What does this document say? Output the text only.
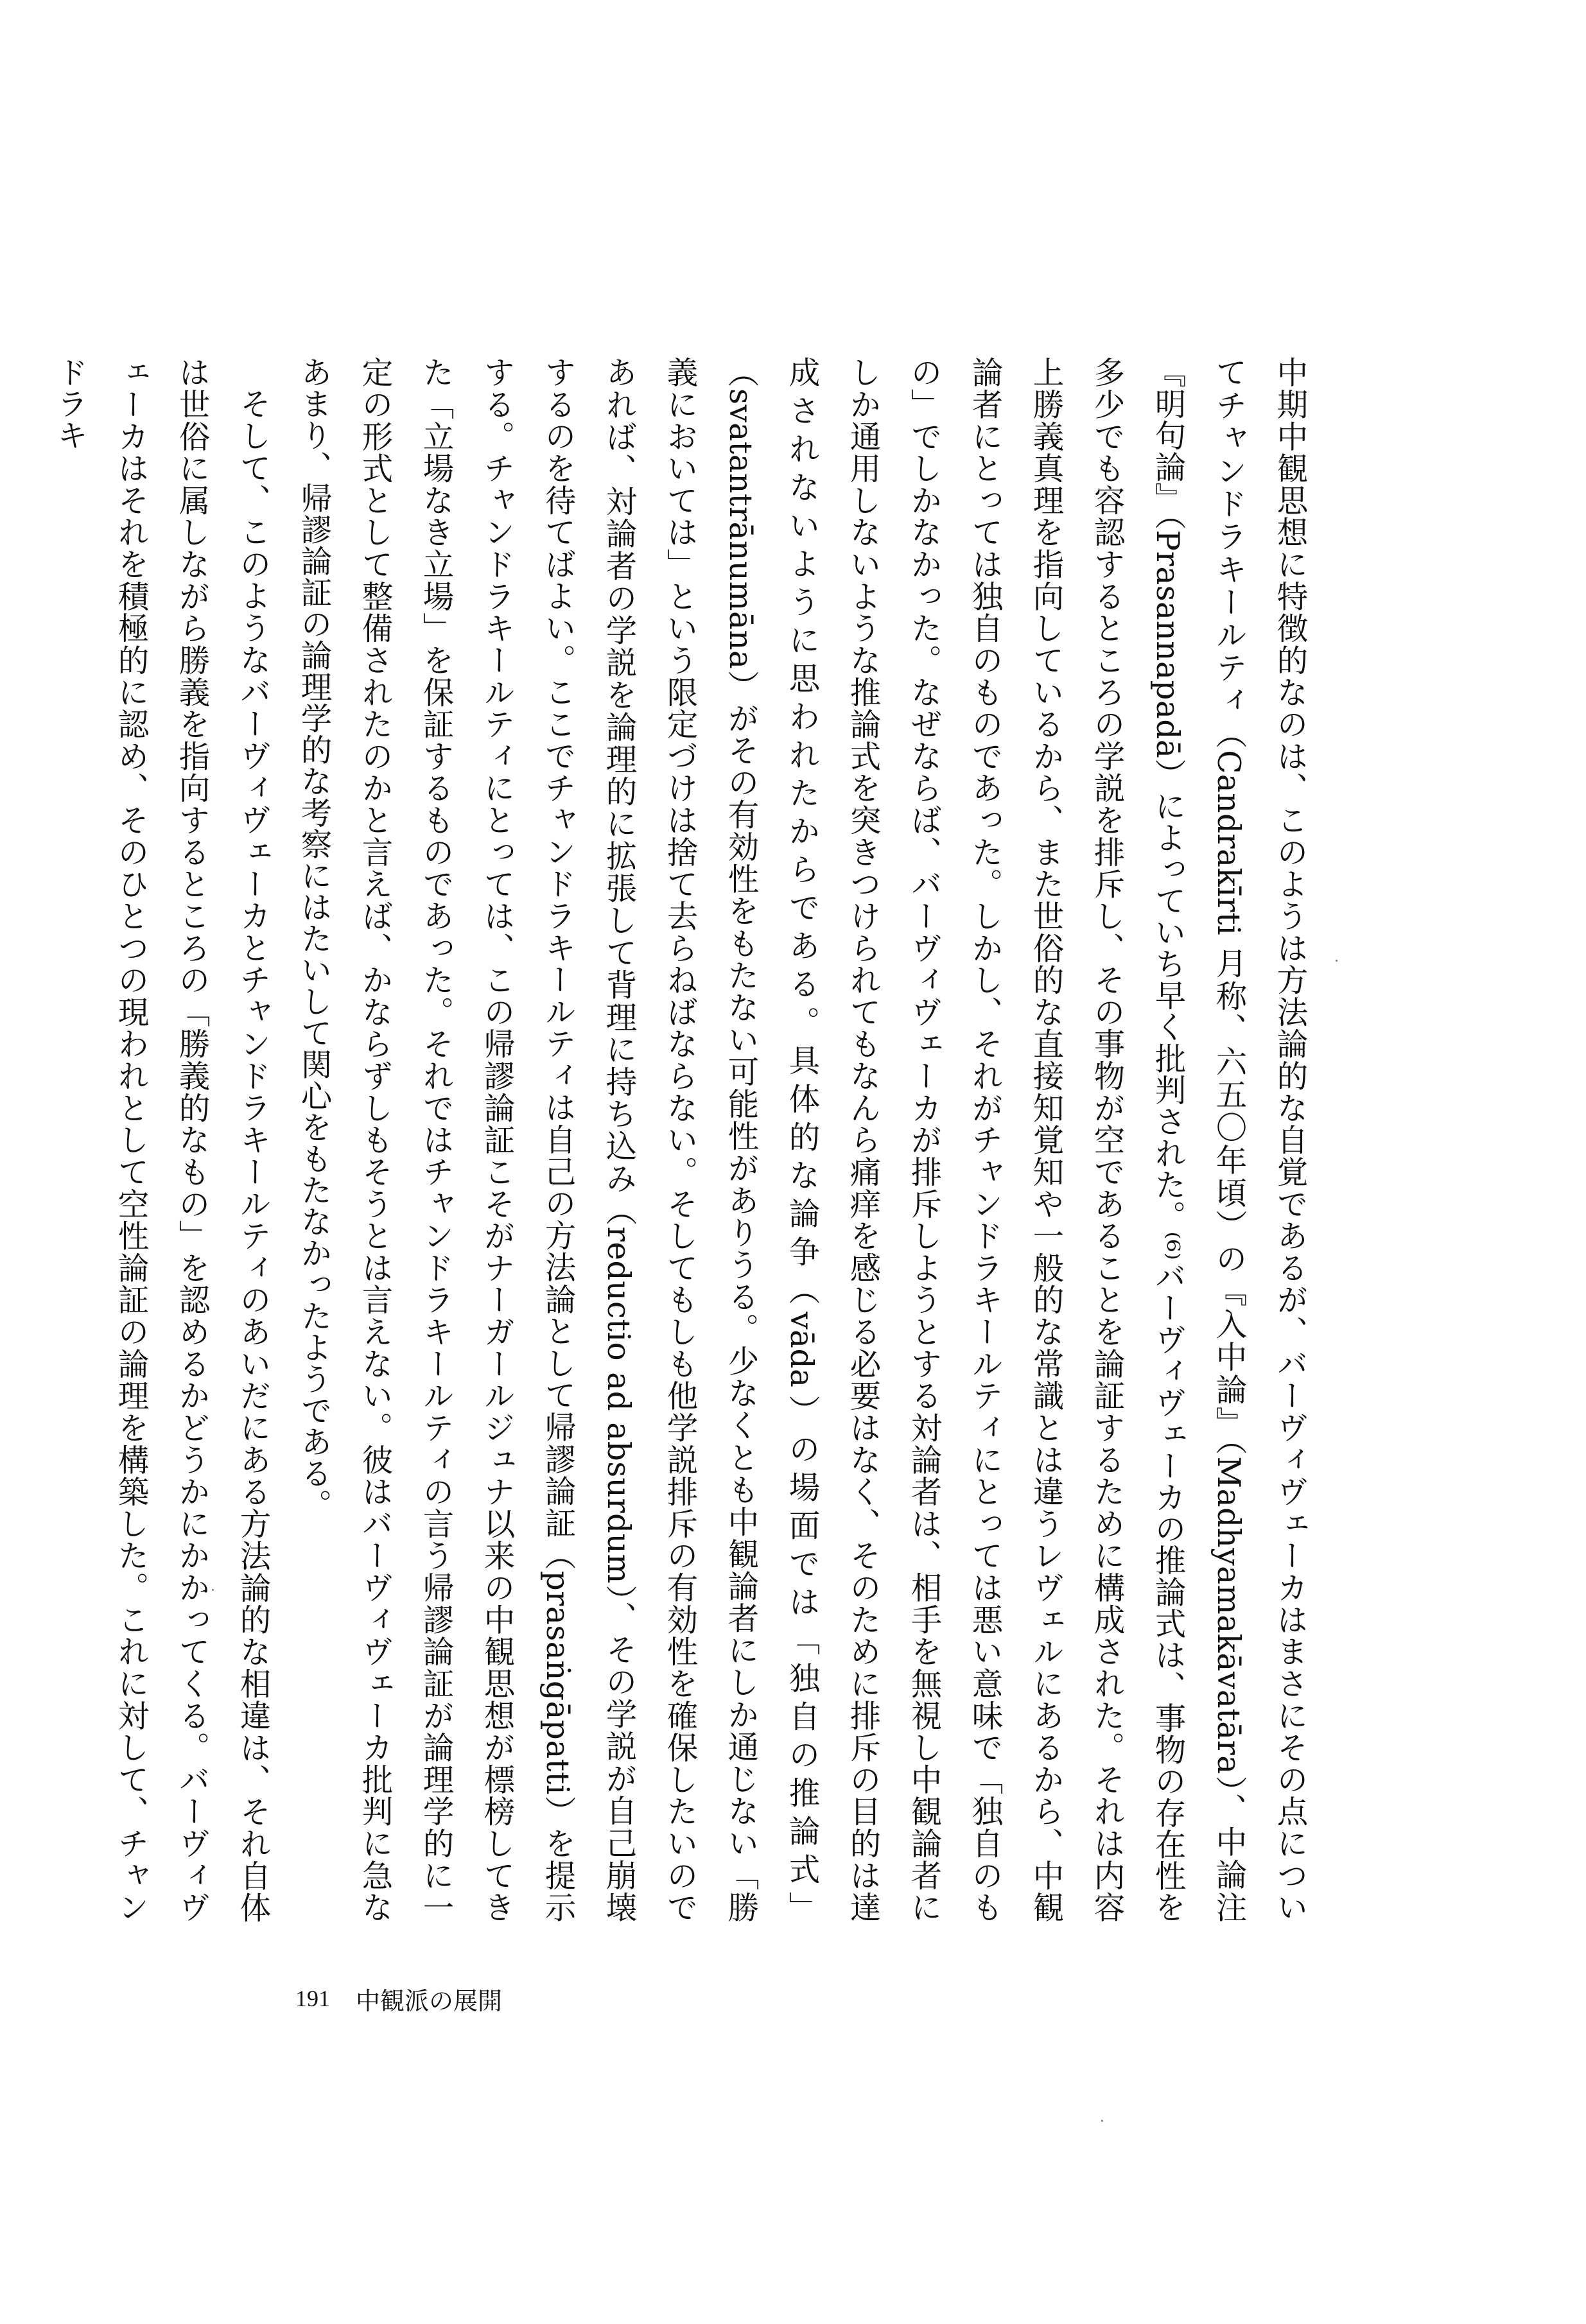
中期中観思想に特徴的なのは、このようは方法論的な自覚であるが、バーヴィヴェーカはまさにその点についてチャンドラキールティ（Candrakīrti 月称、六五〇年頃）の『入中論』（Madhyamakāvatāra）、中論注『明句論』（Prasannapadā）によっていち早く批判された。⁽⁶⁾バーヴィヴェーカの推論式は、事物の存在性を多少でも容認するところの学説を排斥し、その事物が空であることを論証するために構成された。それは内容上勝義真理を指向しているから、また世俗的な直接知覚知や一般的な常識とは違うレヴェルにあるから、中観論者にとっては独自のものであった。しかし、それがチャンドラキールティにとっては悪い意味で「独自のもの」でしかなかった。なぜならば、バーヴィヴェーカが排斥しようとする対論者は、相手を無視し中観論者にしか通用しないような推論式を突きつけられてもなんら痛痒を感じる必要はなく、そのために排斥の目的は達成されないように思われたからである。具体的な論争（vāda）の場面では「独自の推論式」（svatantrānumāna）がその有効性をもたない可能性がありうる。少なくとも中観論者にしか通じない「勝義においては」という限定づけは捨て去らねばならない。そしてもしも他学説排斥の有効性を確保したいのであれば、対論者の学説を論理的に拡張して背理に持ち込み（reductio ad absurdum）、その学説が自己崩壊するのを待てばよい。ここでチャンドラキールティは自己の方法論として帰謬論証（prasaṅgāpatti）を提示する。チャンドラキールティにとっては、この帰謬論証こそがナーガールジュナ以来の中観思想が標榜してきた「立場なき立場」を保証するものであった。それではチャンドラキールティの言う帰謬論証が論理学的に一定の形式として整備されたのかと言えば、かならずしもそうとは言えない。彼はバーヴィヴェーカ批判に急なあまり、帰謬論証の論理学的な考察にはたいして関心をもたなかったようである。

そして、このようなバーヴィヴェーカとチャンドラキールティのあいだにある方法論的な相違は、それ自体は世俗に属しながら勝義を指向するところの「勝義的なもの」を認めるかどうかにかかってくる。バーヴィヴェーカはそれを積極的に認め、そのひとつの現われとして空性論証の論理を構築した。これに対して、チャンドラキ

191 中観派の展開
